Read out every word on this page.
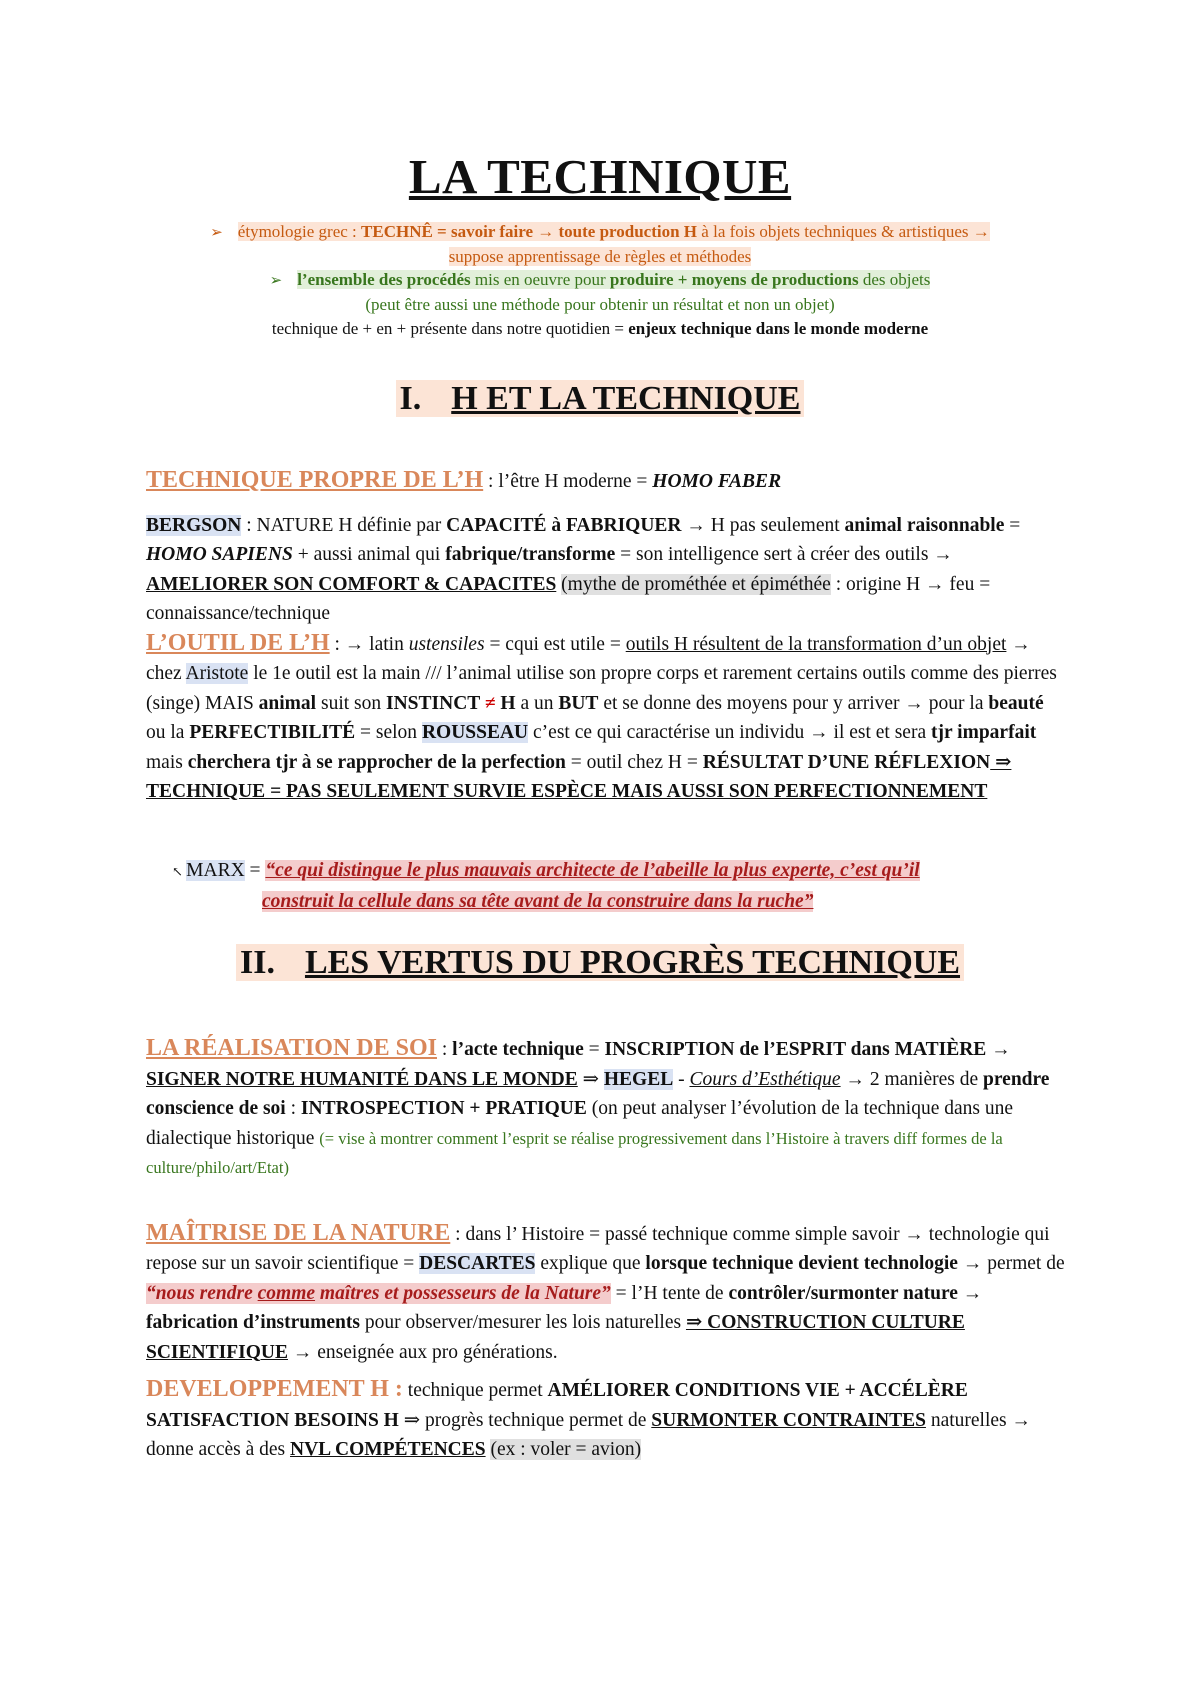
LA TECHNIQUE
➢    étymologie grec : TECHNÊ = savoir faire → toute production H à la fois objets techniques & artistiques →
suppose apprentissage de règles et méthodes
➢    l’ensemble des procédés mis en oeuvre pour produire + moyens de productions des objets
(peut être aussi une méthode pour obtenir un résultat et non un objet)
technique de + en + présente dans notre quotidien = enjeux technique dans le monde moderne
I. H ET LA TECHNIQUE
TECHNIQUE PROPRE DE L’H : l’être H moderne = HOMO FABER
BERGSON : NATURE H définie par CAPACITÉ à FABRIQUER → H pas seulement animal raisonnable = HOMO SAPIENS + aussi animal qui fabrique/transforme = son intelligence sert à créer des outils → AMELIORER SON COMFORT & CAPACITES (mythe de prométhée et épiméthée : origine H → feu = connaissance/technique
L’OUTIL DE L’H : → latin ustensiles = cqui est utile = outils H résultent de la transformation d’un objet → chez Aristote le 1e outil est la main /// l’animal utilise son propre corps et rarement certains outils comme des pierres (singe) MAIS animal suit son INSTINCT ≠ H a un BUT et se donne des moyens pour y arriver → pour la beauté ou la PERFECTIBILITÉ = selon ROUSSEAU c’est ce qui caractérise un individu → il est et sera tjr imparfait mais cherchera tjr à se rapprocher de la perfection = outil chez H = RÉSULTAT D’UNE RÉFLEXION ⇒ TECHNIQUE = PAS SEULEMENT SURVIE ESPÈCE MAIS AUSSI SON PERFECTIONNEMENT
↖ MARX = “ce qui distingue le plus mauvais architecte de l’abeille la plus experte, c’est qu’il
construit la cellule dans sa tête avant de la construire dans la ruche”
II. LES VERTUS DU PROGRÈS TECHNIQUE
LA RÉALISATION DE SOI : l’acte technique = INSCRIPTION de l’ESPRIT dans MATIÈRE → SIGNER NOTRE HUMANITÉ DANS LE MONDE ⇒ HEGEL - Cours d’Esthétique → 2 manières de prendre conscience de soi : INTROSPECTION + PRATIQUE (on peut analyser l’évolution de la technique dans une dialectique historique (= vise à montrer comment l’esprit se réalise progressivement dans l’Histoire à travers diff formes de la culture/philo/art/Etat)
MAÎTRISE DE LA NATURE : dans l’ Histoire = passé technique comme simple savoir → technologie qui repose sur un savoir scientifique = DESCARTES explique que lorsque technique devient technologie → permet de “nous rendre comme maîtres et possesseurs de la Nature” = l’H tente de contrôler/surmonter nature → fabrication d’instruments pour observer/mesurer les lois naturelles ⇒ CONSTRUCTION CULTURE SCIENTIFIQUE → enseignée aux pro générations.
DEVELOPPEMENT H : technique permet AMÉLIORER CONDITIONS VIE + ACCÉLÈRE SATISFACTION BESOINS H ⇒ progrès technique permet de SURMONTER CONTRAINTES naturelles → donne accès à des NVL COMPÉTENCES (ex : voler = avion)
